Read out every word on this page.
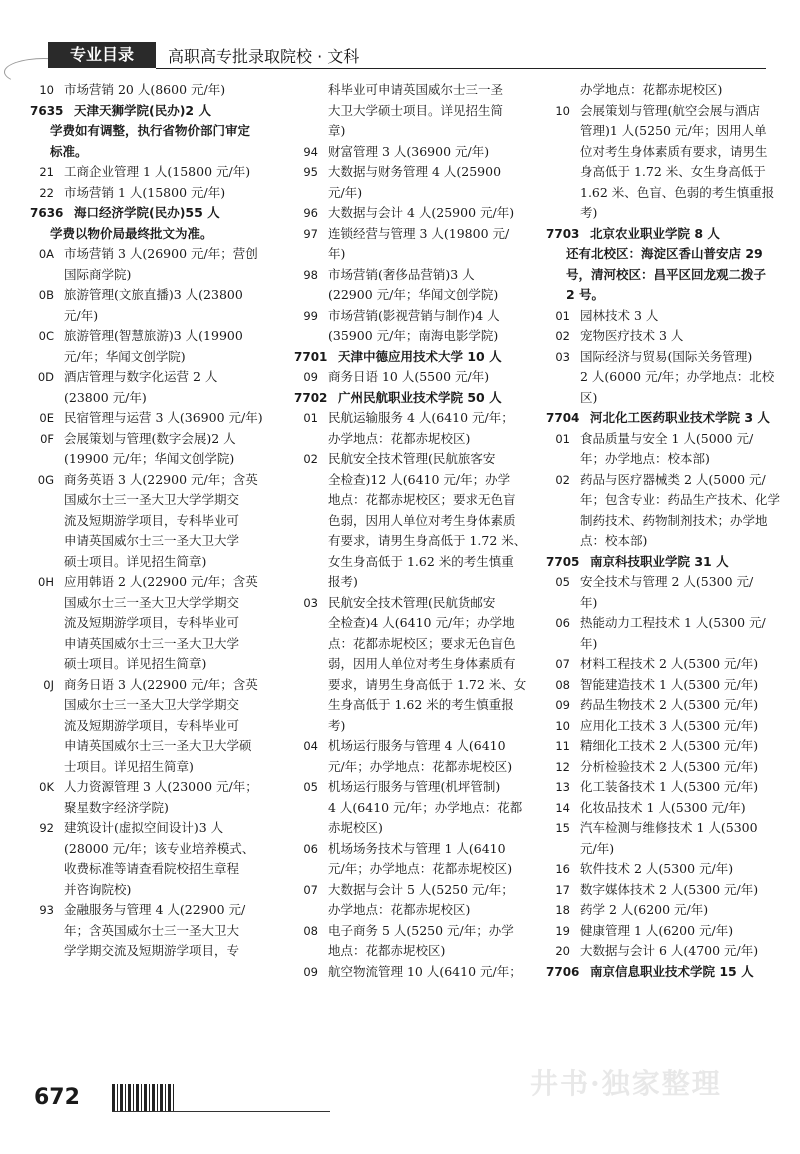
专业目录	高职高专批录取院校 · 文科
10 市场营销 20 人(8600 元/年)
7635 天津天狮学院(民办)2 人
学费如有调整，执行省物价部门审定
标准。
21 工商企业管理 1 人(15800 元/年)
22 市场营销 1 人(15800 元/年)
7636 海口经济学院(民办)55 人
学费以物价局最终批文为准。
0A 市场营销 3 人(26900 元/年；营创
国际商学院)
0B 旅游管理(文旅直播)3 人(23800
元/年)
0C 旅游管理(智慧旅游)3 人(19900
元/年；华闻文创学院)
0D 酒店管理与数字化运营 2 人
(23800 元/年)
0E 民宿管理与运营 3 人(36900 元/年)
0F 会展策划与管理(数字会展)2 人
(19900 元/年；华闻文创学院)
0G 商务英语 3 人(22900 元/年；含英
国威尔士三一圣大卫大学学期交
流及短期游学项目，专科毕业可
申请英国威尔士三一圣大卫大学
硕士项目。详见招生简章)
0H 应用韩语 2 人(22900 元/年；含英
国威尔士三一圣大卫大学学期交
流及短期游学项目，专科毕业可
申请英国威尔士三一圣大卫大学
硕士项目。详见招生简章)
0J 商务日语 3 人(22900 元/年；含英
国威尔士三一圣大卫大学学期交
流及短期游学项目，专科毕业可
申请英国威尔士三一圣大卫大学硕
士项目。详见招生简章)
0K 人力资源管理 3 人(23000 元/年；
聚星数字经济学院)
92 建筑设计(虚拟空间设计)3 人
(28000 元/年；该专业培养模式、
收费标准等请查看院校招生章程
并咨询院校)
93 金融服务与管理 4 人(22900 元/
年；含英国威尔士三一圣大卫大
学学期交流及短期游学项目，专
科毕业可申请英国威尔士三一圣
大卫大学硕士项目。详见招生简
章)
94 财富管理 3 人(36900 元/年)
95 大数据与财务管理 4 人(25900
元/年)
96 大数据与会计 4 人(25900 元/年)
97 连锁经营与管理 3 人(19800 元/
年)
98 市场营销(奢侈品营销)3 人
(22900 元/年；华闻文创学院)
99 市场营销(影视营销与制作)4 人
(35900 元/年；南海电影学院)
7701 天津中德应用技术大学 10 人
09 商务日语 10 人(5500 元/年)
7702 广州民航职业技术学院 50 人
01 民航运输服务 4 人(6410 元/年；
办学地点：花都赤坭校区)
02 民航安全技术管理(民航旅客安
全检查)12 人(6410 元/年；办学
地点：花都赤坭校区；要求无色盲
色弱，因用人单位对考生身体素质
有要求，请男生身高低于 1.72 米、
女生身高低于 1.62 米的考生慎重
报考)
03 民航安全技术管理(民航货邮安
全检查)4 人(6410 元/年；办学地
点：花都赤坭校区；要求无色盲色
弱，因用人单位对考生身体素质有
要求，请男生身高低于 1.72 米、女
生身高低于 1.62 米的考生慎重报
考)
04 机场运行服务与管理 4 人(6410
元/年；办学地点：花都赤坭校区)
05 机场运行服务与管理(机坪管制)
4 人(6410 元/年；办学地点：花都
赤坭校区)
06 机场场务技术与管理 1 人(6410
元/年；办学地点：花都赤坭校区)
07 大数据与会计 5 人(5250 元/年；
办学地点：花都赤坭校区)
08 电子商务 5 人(5250 元/年；办学
地点：花都赤坭校区)
09 航空物流管理 10 人(6410 元/年；
办学地点：花都赤坭校区)
10 会展策划与管理(航空会展与酒店
管理)1 人(5250 元/年；因用人单
位对考生身体素质有要求，请男生
身高低于 1.72 米、女生身高低于
1.62 米、色盲、色弱的考生慎重报
考)
7703 北京农业职业学院 8 人
还有北校区：海淀区香山普安店 29
号，清河校区：昌平区回龙观二拨子
2 号。
01 园林技术 3 人
02 宠物医疗技术 3 人
03 国际经济与贸易(国际关务管理)
2 人(6000 元/年；办学地点：北校
区)
7704 河北化工医药职业技术学院 3 人
01 食品质量与安全 1 人(5000 元/
年；办学地点：校本部)
02 药品与医疗器械类 2 人(5000 元/
年；包含专业：药品生产技术、化学
制药技术、药物制剂技术；办学地
点：校本部)
7705 南京科技职业学院 31 人
05 安全技术与管理 2 人(5300 元/
年)
06 热能动力工程技术 1 人(5300 元/
年)
07 材料工程技术 2 人(5300 元/年)
08 智能建造技术 1 人(5300 元/年)
09 药品生物技术 2 人(5300 元/年)
10 应用化工技术 3 人(5300 元/年)
11 精细化工技术 2 人(5300 元/年)
12 分析检验技术 2 人(5300 元/年)
13 化工装备技术 1 人(5300 元/年)
14 化妆品技术 1 人(5300 元/年)
15 汽车检测与维修技术 1 人(5300
元/年)
16 软件技术 2 人(5300 元/年)
17 数字媒体技术 2 人(5300 元/年)
18 药学 2 人(6200 元/年)
19 健康管理 1 人(6200 元/年)
20 大数据与会计 6 人(4700 元/年)
7706 南京信息职业技术学院 15 人
井书·独家整理
672
